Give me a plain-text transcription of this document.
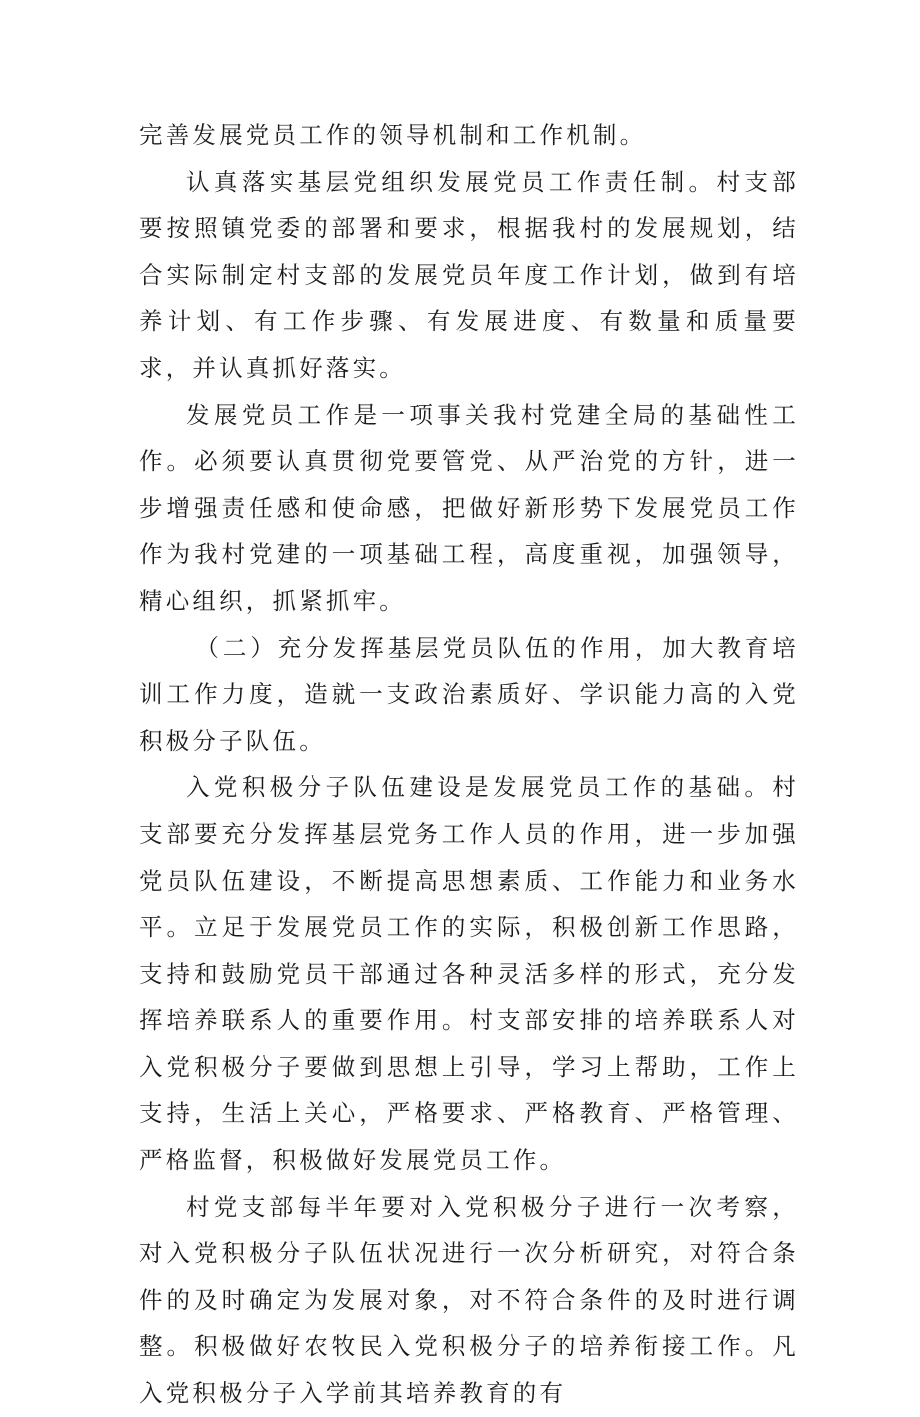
完善发展党员工作的领导机制和工作机制。

认真落实基层党组织发展党员工作责任制。村支部要按照镇党委的部署和要求，根据我村的发展规划，结合实际制定村支部的发展党员年度工作计划，做到有培养计划、有工作步骤、有发展进度、有数量和质量要求，并认真抓好落实。

发展党员工作是一项事关我村党建全局的基础性工作。必须要认真贯彻党要管党、从严治党的方针，进一步增强责任感和使命感，把做好新形势下发展党员工作作为我村党建的一项基础工程，高度重视，加强领导，精心组织，抓紧抓牢。

（二）充分发挥基层党员队伍的作用，加大教育培训工作力度，造就一支政治素质好、学识能力高的入党积极分子队伍。

入党积极分子队伍建设是发展党员工作的基础。村支部要充分发挥基层党务工作人员的作用，进一步加强党员队伍建设，不断提高思想素质、工作能力和业务水平。立足于发展党员工作的实际，积极创新工作思路，支持和鼓励党员干部通过各种灵活多样的形式，充分发挥培养联系人的重要作用。村支部安排的培养联系人对入党积极分子要做到思想上引导，学习上帮助，工作上支持，生活上关心，严格要求、严格教育、严格管理、严格监督，积极做好发展党员工作。

村党支部每半年要对入党积极分子进行一次考察，对入党积极分子队伍状况进行一次分析研究，对符合条件的及时确定为发展对象，对不符合条件的及时进行调整。积极做好农牧民入党积极分子的培养衔接工作。凡入党积极分子入学前其培养教育的有
